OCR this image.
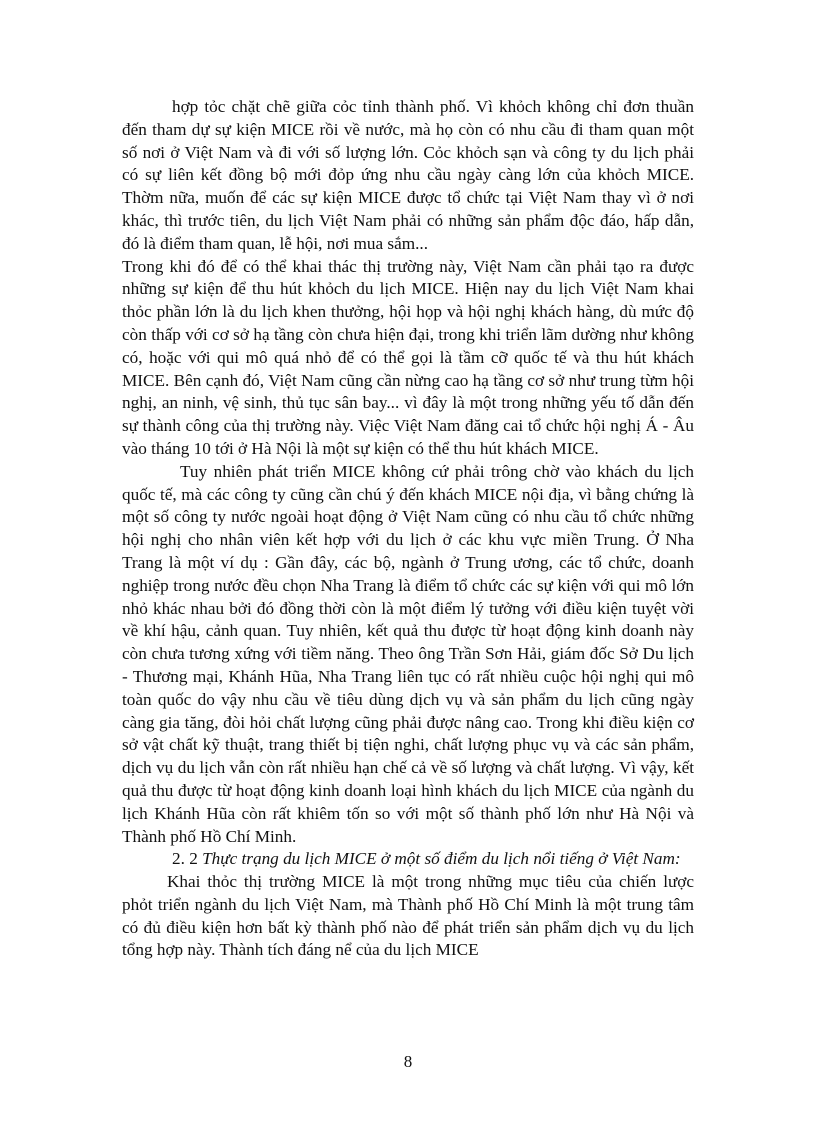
hợp tỏc chặt chẽ giữa cỏc tỉnh thành phố. Vì khỏch không chỉ đơn thuần đến tham dự sự kiện MICE rồi về nước, mà họ còn có nhu cầu đi tham quan một số nơi ở Việt Nam và đi với số lượng lớn. Cỏc khỏch sạn và công ty du lịch phải có sự liên kết đồng bộ mới đỏp ứng nhu cầu ngày càng lớn của khỏch MICE. Thờm nữa, muốn để các sự kiện MICE được tổ chức tại Việt Nam thay vì ở nơi khác, thì trước tiên, du lịch Việt Nam phải có những sản phẩm độc đáo, hấp dẫn, đó là điểm tham quan, lễ hội, nơi mua sắm...

Trong khi đó để có thể khai thác thị trường này, Việt Nam cần phải tạo ra được những sự kiện để thu hút khỏch du lịch MICE. Hiện nay du lịch Việt Nam khai thỏc phần lớn là du lịch khen thưởng, hội họp và hội nghị khách hàng, dù mức độ còn thấp với cơ sở hạ tầng còn chưa hiện đại, trong khi triển lãm dường như không có, hoặc với qui mô quá nhỏ để có thể gọi là tầm cỡ quốc tế và thu hút khách MICE. Bên cạnh đó, Việt Nam cũng cần nừng cao hạ tầng cơ sở như trung từm hội nghị, an ninh, vệ sinh, thủ tục sân bay... vì đây là một trong những yếu tố dẫn đến sự thành công của thị trường này. Việc Việt Nam đăng cai tổ chức hội nghị Á - Âu vào tháng 10 tới ở Hà Nội là một sự kiện có thể thu hút khách MICE.

Tuy nhiên phát triển MICE không cứ phải trông chờ vào khách du lịch quốc tế, mà các công ty cũng cần chú ý đến khách MICE nội địa, vì bằng chứng là một số công ty nước ngoài hoạt động ở Việt Nam cũng có nhu cầu tổ chức những hội nghị cho nhân viên kết hợp với du lịch ở các khu vực miền Trung. Ở Nha Trang là một ví dụ : Gần đây, các bộ, ngành ở Trung ương, các tổ chức, doanh nghiệp trong nước đều chọn Nha Trang là điểm tổ chức các sự kiện với qui mô lớn nhỏ khác nhau bởi đó đồng thời còn là một điểm lý tưởng với điều kiện tuyệt vời về khí hậu, cảnh quan. Tuy nhiên, kết quả thu được từ hoạt động kinh doanh này còn chưa tương xứng với tiềm năng. Theo ông Trần Sơn Hải, giám đốc Sở Du lịch - Thương mại, Khánh Hũa, Nha Trang liên tục có rất nhiều cuộc hội nghị qui mô toàn quốc do vậy nhu cầu về tiêu dùng dịch vụ và sản phẩm du lịch cũng ngày càng gia tăng, đòi hỏi chất lượng cũng phải được nâng cao. Trong khi điều kiện cơ sở vật chất kỹ thuật, trang thiết bị tiện nghi, chất lượng phục vụ và các sản phẩm, dịch vụ du lịch vẫn còn rất nhiều hạn chế cả về số lượng và chất lượng. Vì vậy, kết quả thu được từ hoạt động kinh doanh loại hình khách du lịch MICE của ngành du lịch Khánh Hũa còn rất khiêm tốn so với một số thành phố lớn như Hà Nội và Thành phố Hồ Chí Minh.

2. 2 Thực trạng du lịch MICE ở một số điểm du lịch nổi tiếng ở Việt Nam:

Khai thỏc thị trường MICE là một trong những mục tiêu của chiến lược phỏt triển ngành du lịch Việt Nam, mà Thành phố Hồ Chí Minh là một trung tâm có đủ điều kiện hơn bất kỳ thành phố nào để phát triển sản phẩm dịch vụ du lịch tổng hợp này. Thành tích đáng nể của du lịch MICE

8
